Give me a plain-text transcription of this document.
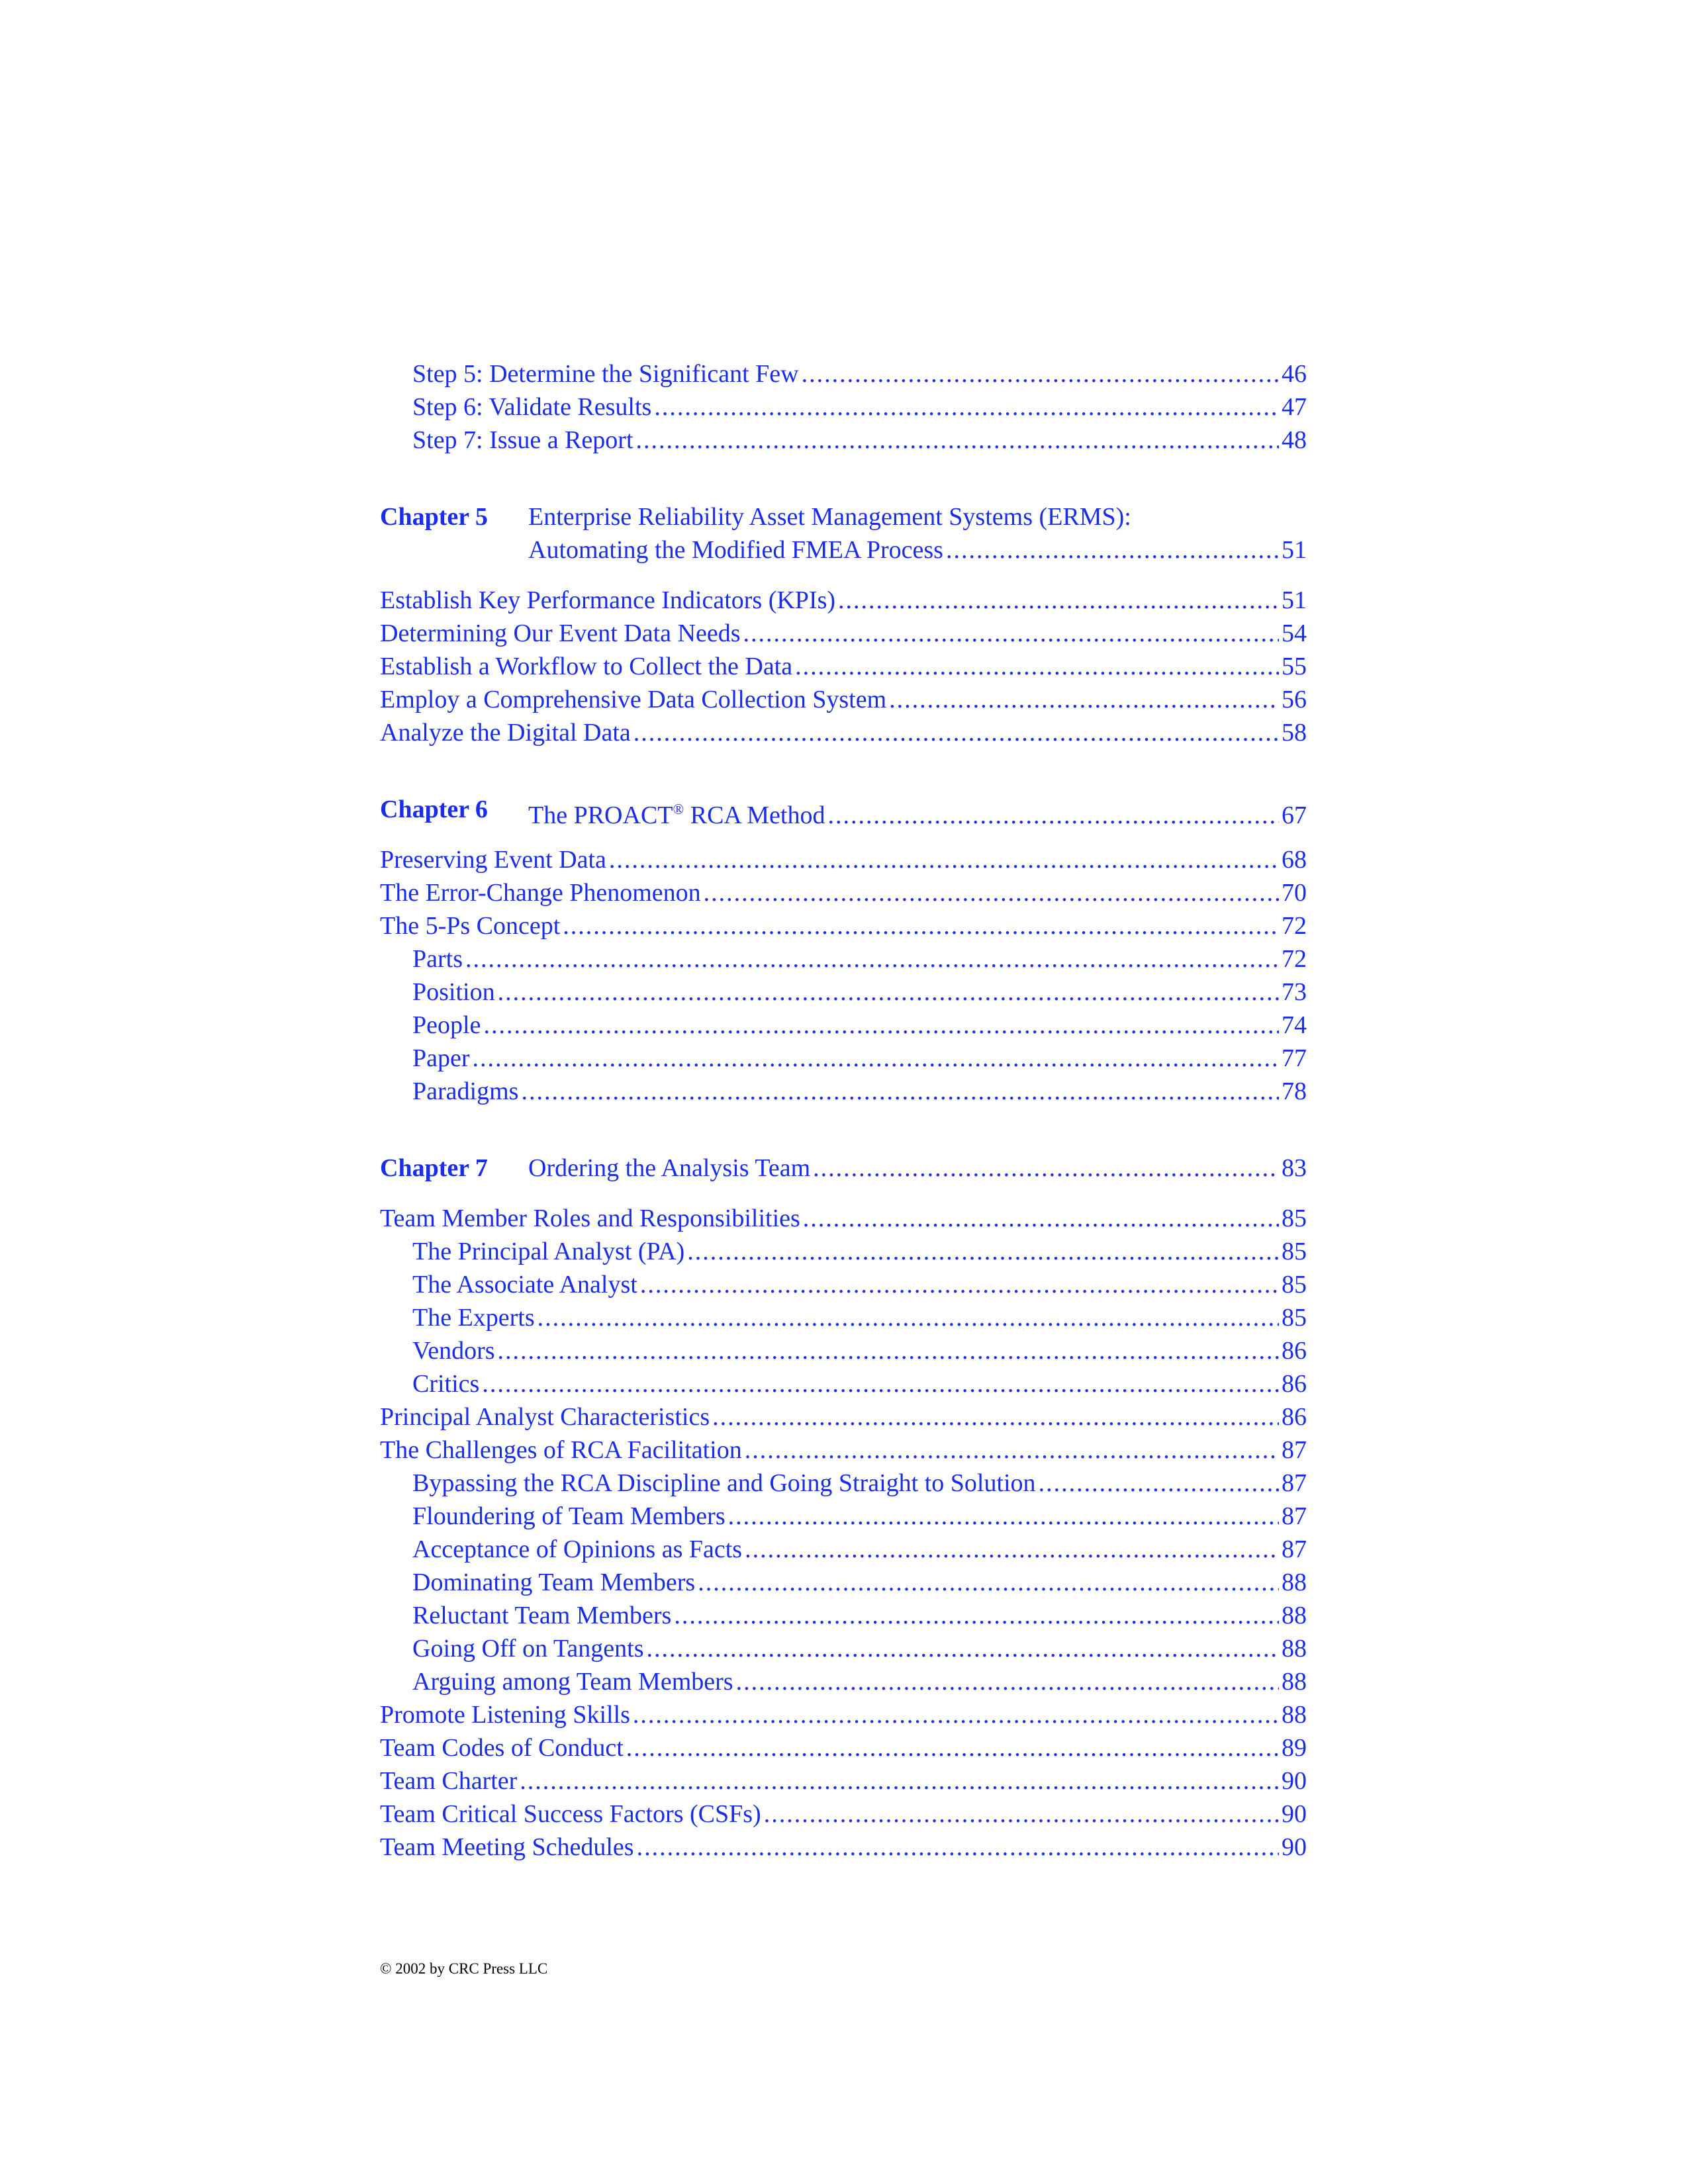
Step 5: Determine the Significant Few .....	46
Step 6: Validate Results .....	47
Step 7: Issue a Report .....	48
Chapter 5	Enterprise Reliability Asset Management Systems (ERMS):
Automating the Modified FMEA Process .....	51
Establish Key Performance Indicators (KPIs) .....	51
Determining Our Event Data Needs .....	54
Establish a Workflow to Collect the Data .....	55
Employ a Comprehensive Data Collection System .....	56
Analyze the Digital Data .....	58
Chapter 6	The PROACT® RCA Method .....	67
Preserving Event Data .....	68
The Error-Change Phenomenon .....	70
The 5-Ps Concept .....	72
Parts .....	72
Position .....	73
People .....	74
Paper .....	77
Paradigms .....	78
Chapter 7	Ordering the Analysis Team .....	83
Team Member Roles and Responsibilities .....	85
The Principal Analyst (PA) .....	85
The Associate Analyst .....	85
The Experts .....	85
Vendors .....	86
Critics .....	86
Principal Analyst Characteristics .....	86
The Challenges of RCA Facilitation .....	87
Bypassing the RCA Discipline and Going Straight to Solution .....	87
Floundering of Team Members .....	87
Acceptance of Opinions as Facts .....	87
Dominating Team Members .....	88
Reluctant Team Members .....	88
Going Off on Tangents .....	88
Arguing among Team Members .....	88
Promote Listening Skills .....	88
Team Codes of Conduct .....	89
Team Charter .....	90
Team Critical Success Factors (CSFs) .....	90
Team Meeting Schedules .....	90
© 2002 by CRC Press LLC
